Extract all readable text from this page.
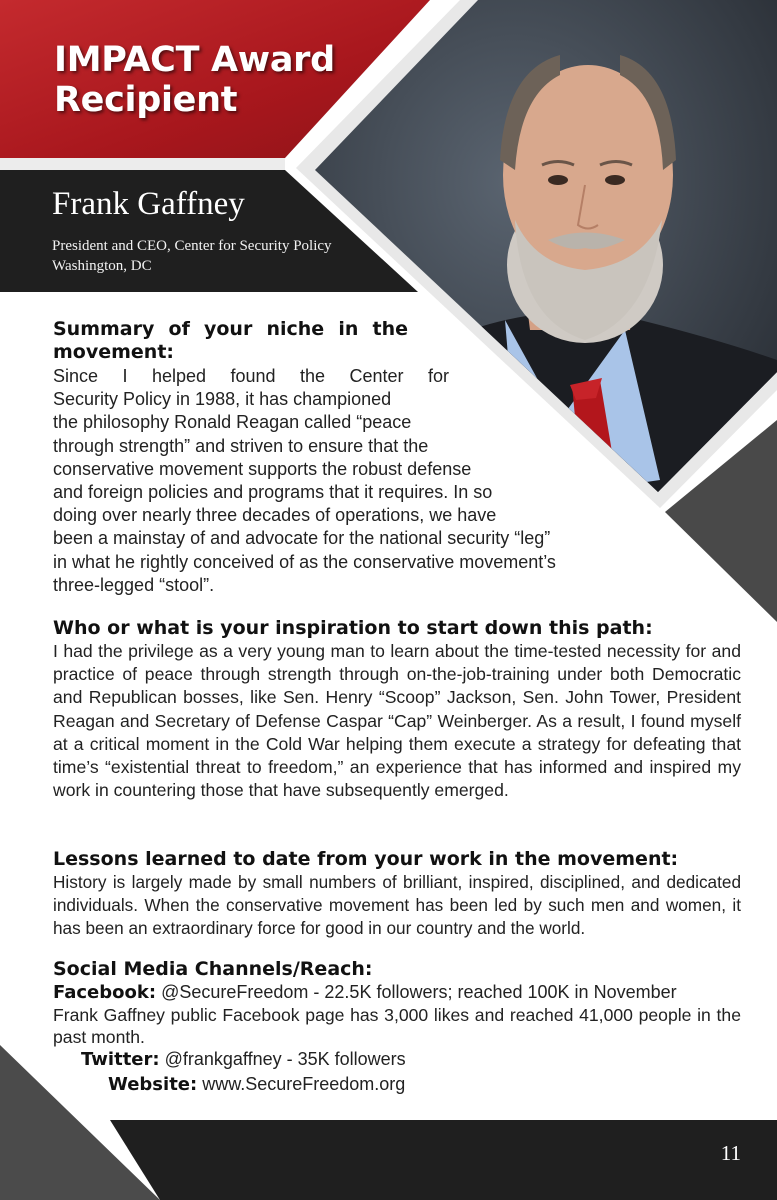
IMPACT Award
Recipient
Frank Gaffney
President and CEO, Center for Security Policy
Washington, DC
Summary of your niche in the
movement:
Since I helped found the Center for
Security Policy in 1988, it has championed
the philosophy Ronald Reagan called “peace
through strength” and striven to ensure that the
conservative movement supports the robust defense
and foreign policies and programs that it requires. In so
doing over nearly three decades of operations, we have
been a mainstay of and advocate for the national security “leg”
in what he rightly conceived of as the conservative movement’s
three-legged “stool”.
Who or what is your inspiration to start down this path:
I had the privilege as a very young man to learn about the time-tested necessity for and practice of peace through strength through on-the-job-training under both Democratic and Republican bosses, like Sen. Henry “Scoop” Jackson, Sen. John Tower, President Reagan and Secretary of Defense Caspar “Cap” Weinberger. As a result, I found myself at a critical moment in the Cold War helping them execute a strategy for defeating that time’s “existential threat to freedom,” an experience that has informed and inspired my work in countering those that have subsequently emerged.
Lessons learned to date from your work in the movement:
History is largely made by small numbers of brilliant, inspired, disciplined, and dedicated individuals. When the conservative movement has been led by such men and women, it has been an extraordinary force for good in our country and the world.
Social Media Channels/Reach:
Facebook: @SecureFreedom - 22.5K followers; reached 100K in November
Frank Gaffney public Facebook page has 3,000 likes and reached 41,000 people in the past month.
Twitter: @frankgaffney - 35K followers
Website: www.SecureFreedom.org
11
